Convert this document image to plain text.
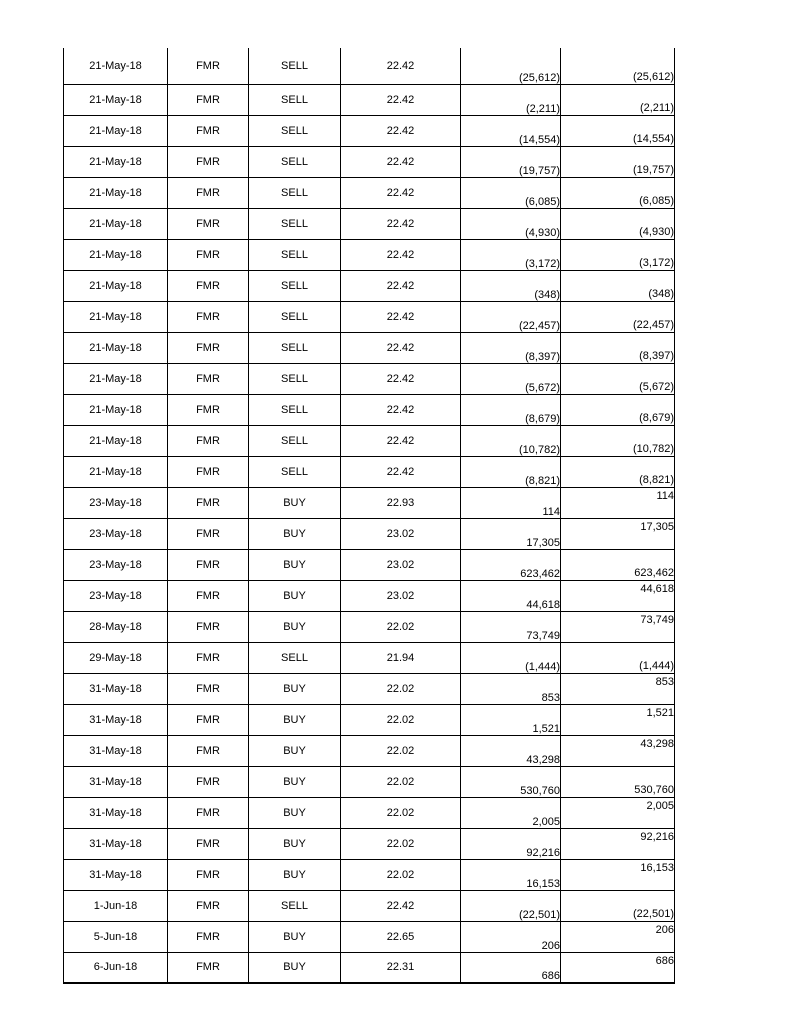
21-May-18	FMR	SELL	22.42	(25,612)	(25,612)
21-May-18	FMR	SELL	22.42	(2,211)	(2,211)
21-May-18	FMR	SELL	22.42	(14,554)	(14,554)
21-May-18	FMR	SELL	22.42	(19,757)	(19,757)
21-May-18	FMR	SELL	22.42	(6,085)	(6,085)
21-May-18	FMR	SELL	22.42	(4,930)	(4,930)
21-May-18	FMR	SELL	22.42	(3,172)	(3,172)
21-May-18	FMR	SELL	22.42	(348)	(348)
21-May-18	FMR	SELL	22.42	(22,457)	(22,457)
21-May-18	FMR	SELL	22.42	(8,397)	(8,397)
21-May-18	FMR	SELL	22.42	(5,672)	(5,672)
21-May-18	FMR	SELL	22.42	(8,679)	(8,679)
21-May-18	FMR	SELL	22.42	(10,782)	(10,782)
21-May-18	FMR	SELL	22.42	(8,821)	(8,821)
23-May-18	FMR	BUY	22.93	114	114
23-May-18	FMR	BUY	23.02	17,305	17,305
23-May-18	FMR	BUY	23.02	623,462	623,462
23-May-18	FMR	BUY	23.02	44,618	44,618
28-May-18	FMR	BUY	22.02	73,749	73,749
29-May-18	FMR	SELL	21.94	(1,444)	(1,444)
31-May-18	FMR	BUY	22.02	853	853
31-May-18	FMR	BUY	22.02	1,521	1,521
31-May-18	FMR	BUY	22.02	43,298	43,298
31-May-18	FMR	BUY	22.02	530,760	530,760
31-May-18	FMR	BUY	22.02	2,005	2,005
31-May-18	FMR	BUY	22.02	92,216	92,216
31-May-18	FMR	BUY	22.02	16,153	16,153
1-Jun-18	FMR	SELL	22.42	(22,501)	(22,501)
5-Jun-18	FMR	BUY	22.65	206	206
6-Jun-18	FMR	BUY	22.31	686	686
